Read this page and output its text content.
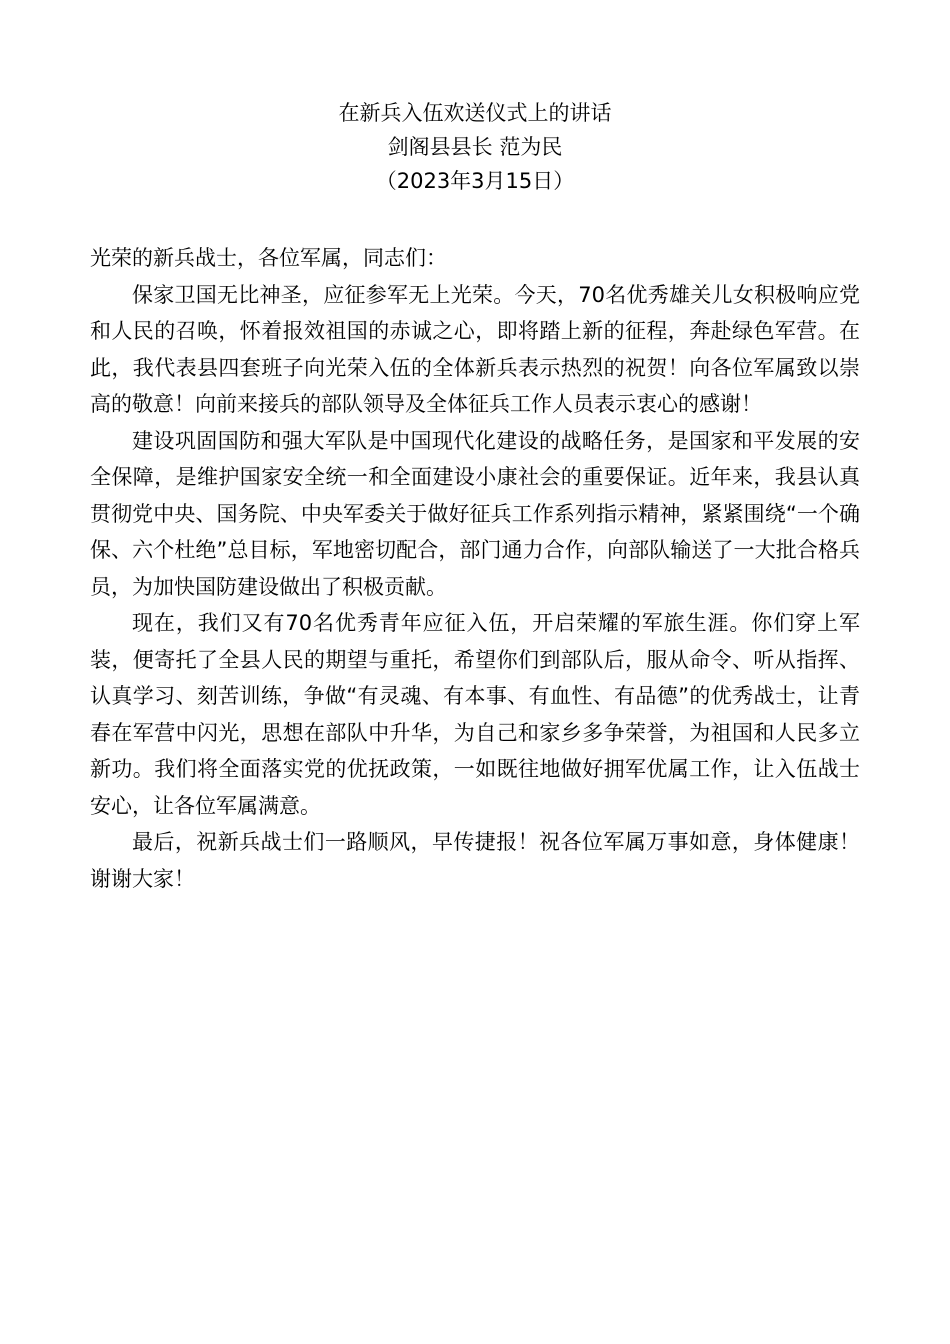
在新兵入伍欢送仪式上的讲话
剑阁县县长 范为民
（2023年3月15日）

光荣的新兵战士，各位军属，同志们：

保家卫国无比神圣，应征参军无上光荣。今天，70名优秀雄关儿女积极响应党和人民的召唤，怀着报效祖国的赤诚之心，即将踏上新的征程，奔赴绿色军营。在此，我代表县四套班子向光荣入伍的全体新兵表示热烈的祝贺！向各位军属致以崇高的敬意！向前来接兵的部队领导及全体征兵工作人员表示衷心的感谢！

建设巩固国防和强大军队是中国现代化建设的战略任务，是国家和平发展的安全保障，是维护国家安全统一和全面建设小康社会的重要保证。近年来，我县认真贯彻党中央、国务院、中央军委关于做好征兵工作系列指示精神，紧紧围绕“一个确保、六个杜绝”总目标，军地密切配合，部门通力合作，向部队输送了一大批合格兵员，为加快国防建设做出了积极贡献。

现在，我们又有70名优秀青年应征入伍，开启荣耀的军旅生涯。你们穿上军装，便寄托了全县人民的期望与重托，希望你们到部队后，服从命令、听从指挥、认真学习、刻苦训练，争做“有灵魂、有本事、有血性、有品德”的优秀战士，让青春在军营中闪光，思想在部队中升华，为自己和家乡多争荣誉，为祖国和人民多立新功。我们将全面落实党的优抚政策，一如既往地做好拥军优属工作，让入伍战士安心，让各位军属满意。

最后，祝新兵战士们一路顺风，早传捷报！祝各位军属万事如意，身体健康！谢谢大家！
